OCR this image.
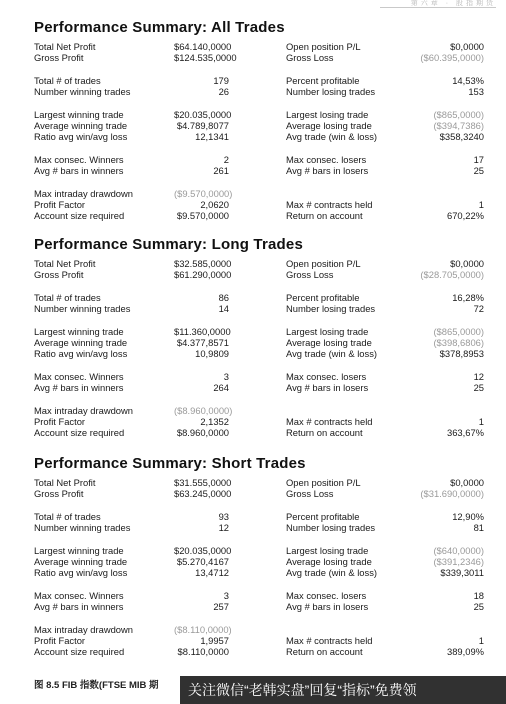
第六章 · 股指期货
Performance Summary: All Trades
Total Net Profit	$64.140,0000	Open position P/L	$0,0000
Gross Profit	$124.535,0000	Gross Loss	($60.395,0000)
Total # of trades	179	Percent profitable	14,53%
Number winning trades	26	Number losing trades	153
Largest winning trade	$20.035,0000	Largest losing trade	($865,0000)
Average winning trade	$4.789,8077	Average losing trade	($394,7386)
Ratio avg win/avg loss	12,1341	Avg trade (win & loss)	$358,3240
Max consec. Winners	2	Max consec. losers	17
Avg # bars in winners	261	Avg # bars in losers	25
Max intraday drawdown	($9.570,0000)
Profit Factor	2,0620	Max # contracts held	1
Account size required	$9.570,0000	Return on account	670,22%
Performance Summary: Long Trades
Total Net Profit	$32.585,0000	Open position P/L	$0,0000
Gross Profit	$61.290,0000	Gross Loss	($28.705,0000)
Total # of trades	86	Percent profitable	16,28%
Number winning trades	14	Number losing trades	72
Largest winning trade	$11.360,0000	Largest losing trade	($865,0000)
Average winning trade	$4.377,8571	Average losing trade	($398,6806)
Ratio avg win/avg loss	10,9809	Avg trade (win & loss)	$378,8953
Max consec. Winners	3	Max consec. losers	12
Avg # bars in winners	264	Avg # bars in losers	25
Max intraday drawdown	($8.960,0000)
Profit Factor	2,1352	Max # contracts held	1
Account size required	$8.960,0000	Return on account	363,67%
Performance Summary: Short Trades
Total Net Profit	$31.555,0000	Open position P/L	$0,0000
Gross Profit	$63.245,0000	Gross Loss	($31.690,0000)
Total # of trades	93	Percent profitable	12,90%
Number winning trades	12	Number losing trades	81
Largest winning trade	$20.035,0000	Largest losing trade	($640,0000)
Average winning trade	$5.270,4167	Average losing trade	($391,2346)
Ratio avg win/avg loss	13,4712	Avg trade (win & loss)	$339,3011
Max consec. Winners	3	Max consec. losers	18
Avg # bars in winners	257	Avg # bars in losers	25
Max intraday drawdown	($8.110,0000)
Profit Factor	1,9957	Max # contracts held	1
Account size required	$8.110,0000	Return on account	389,09%
图 8.5 FIB 指数(FTSE MIB 期	关注微信“老韩实盘”回复“指标”免费领
